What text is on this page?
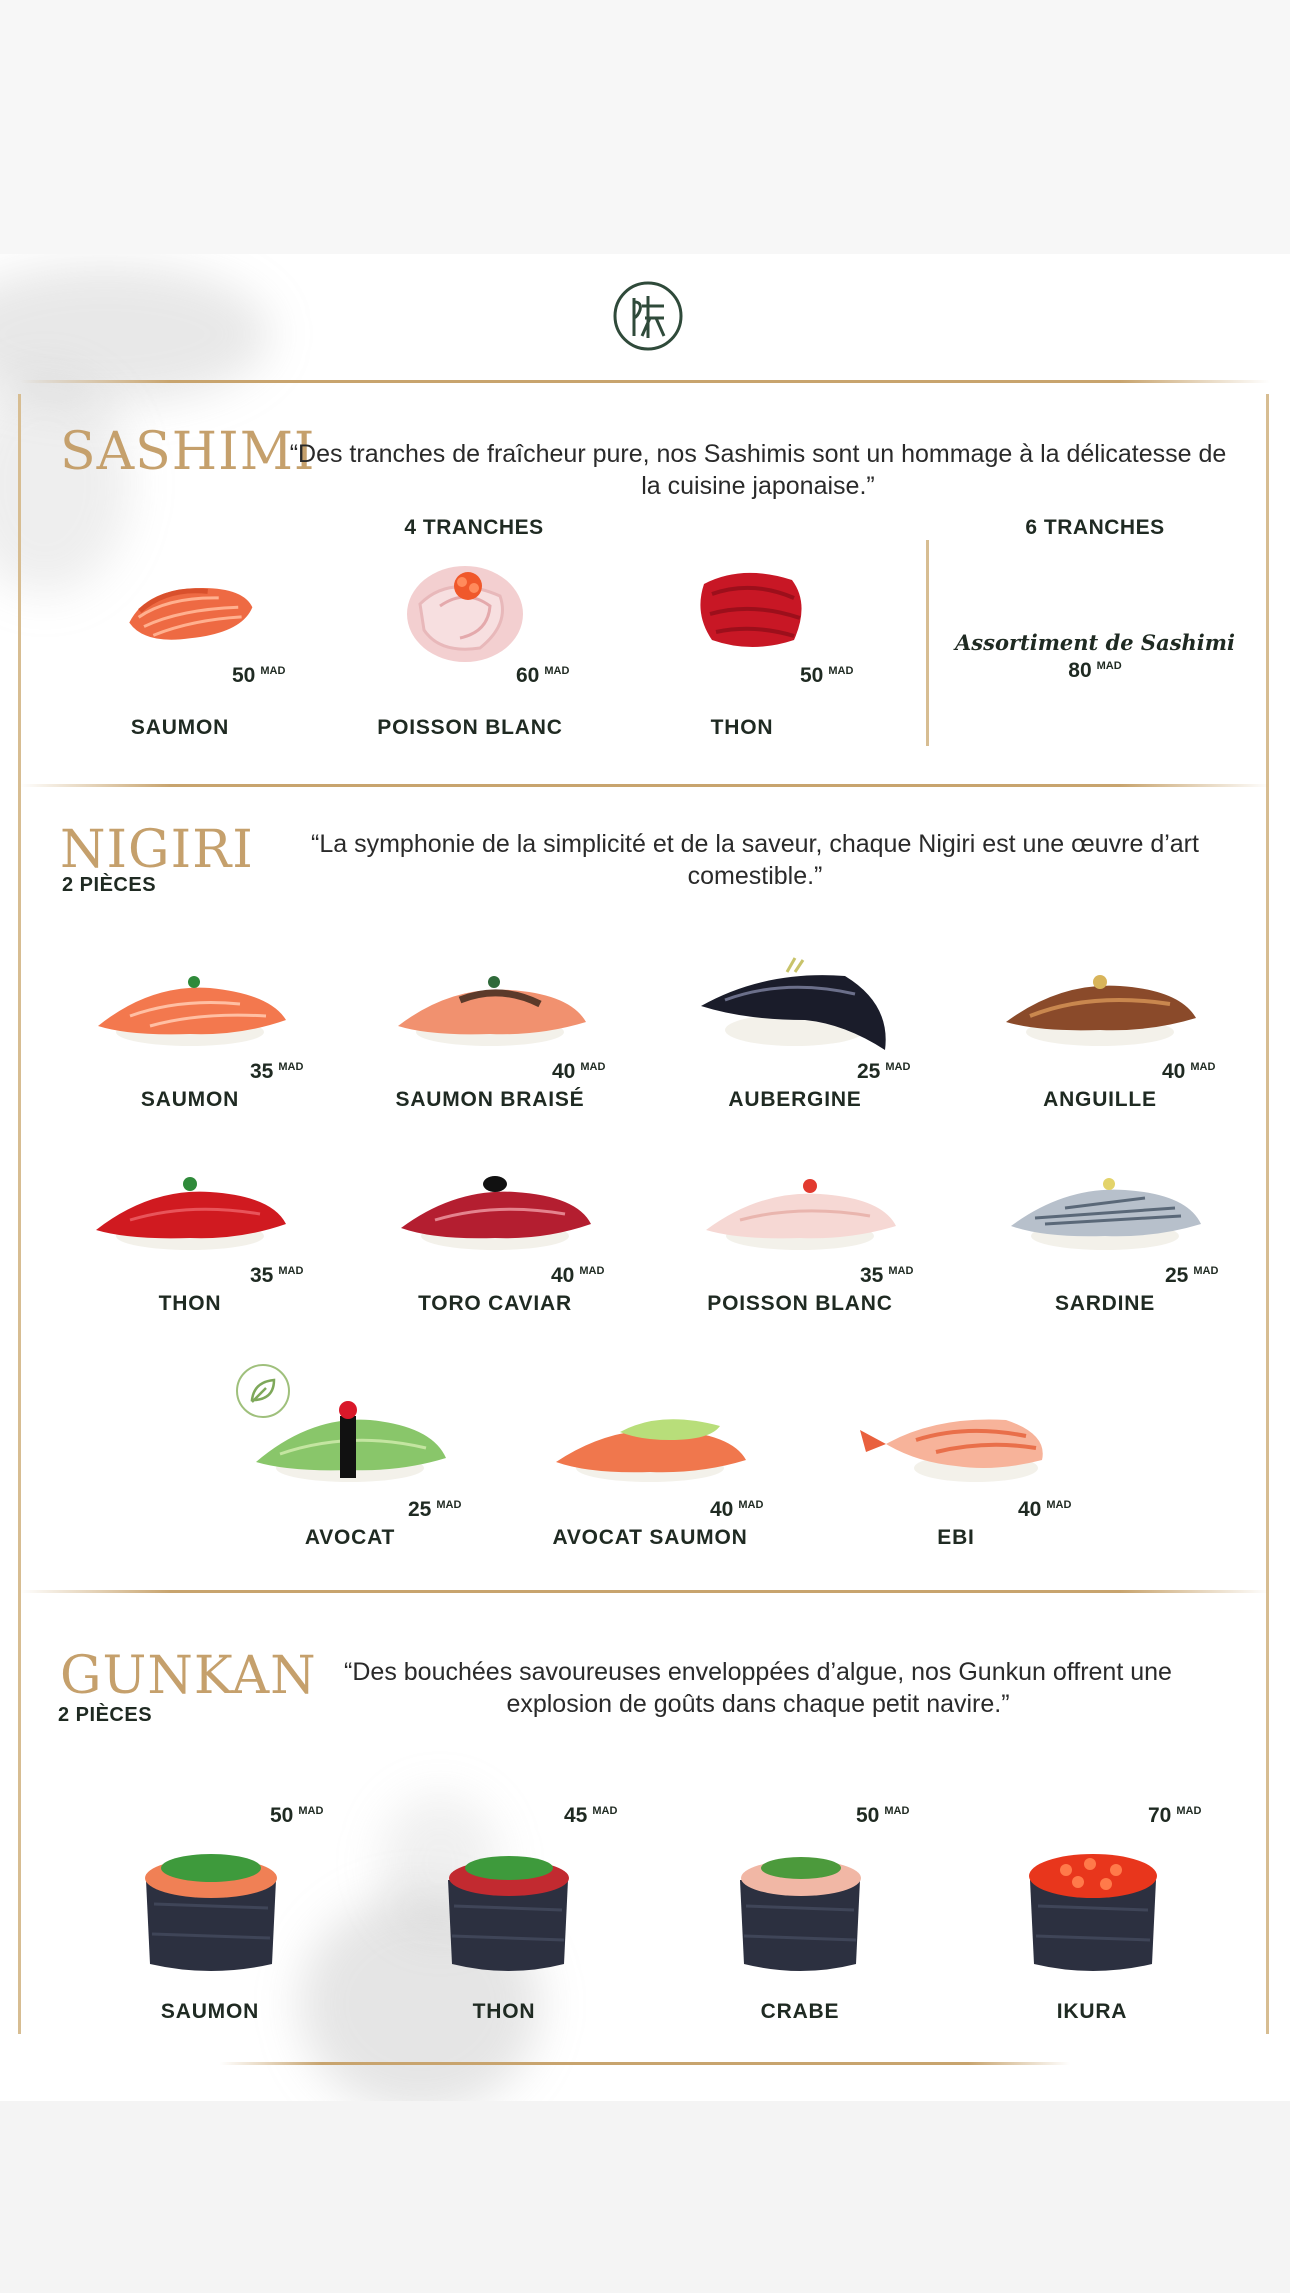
SASHIMI
“Des tranches de fraîcheur pure, nos Sashimis sont un hommage à la délicatesse de la cuisine japonaise.”
4 TRANCHES	6 TRANCHES
50 $^{MAD}$
SAUMON
60 $^{MAD}$
POISSON BLANC
50 $^{MAD}$
THON
Assortiment de Sashimi
80 $^{MAD}$
NIGIRI
2 PIÈCES
“La symphonie de la simplicité et de la saveur, chaque Nigiri est une œuvre d’art comestible.”
35 $^{MAD}$
SAUMON
40 $^{MAD}$
SAUMON BRAISÉ
25 $^{MAD}$
AUBERGINE
40 $^{MAD}$
ANGUILLE
35 $^{MAD}$
THON
40 $^{MAD}$
TORO CAVIAR
35 $^{MAD}$
POISSON BLANC
25 $^{MAD}$
SARDINE
25 $^{MAD}$
AVOCAT
40 $^{MAD}$
AVOCAT SAUMON
40 $^{MAD}$
EBI
GUNKAN
2 PIÈCES
“Des bouchées savoureuses enveloppées d’algue, nos Gunkun offrent une explosion de goûts dans chaque petit navire.”
50 $^{MAD}$
SAUMON
45 $^{MAD}$
THON
50 $^{MAD}$
CRABE
70 $^{MAD}$
IKURA
